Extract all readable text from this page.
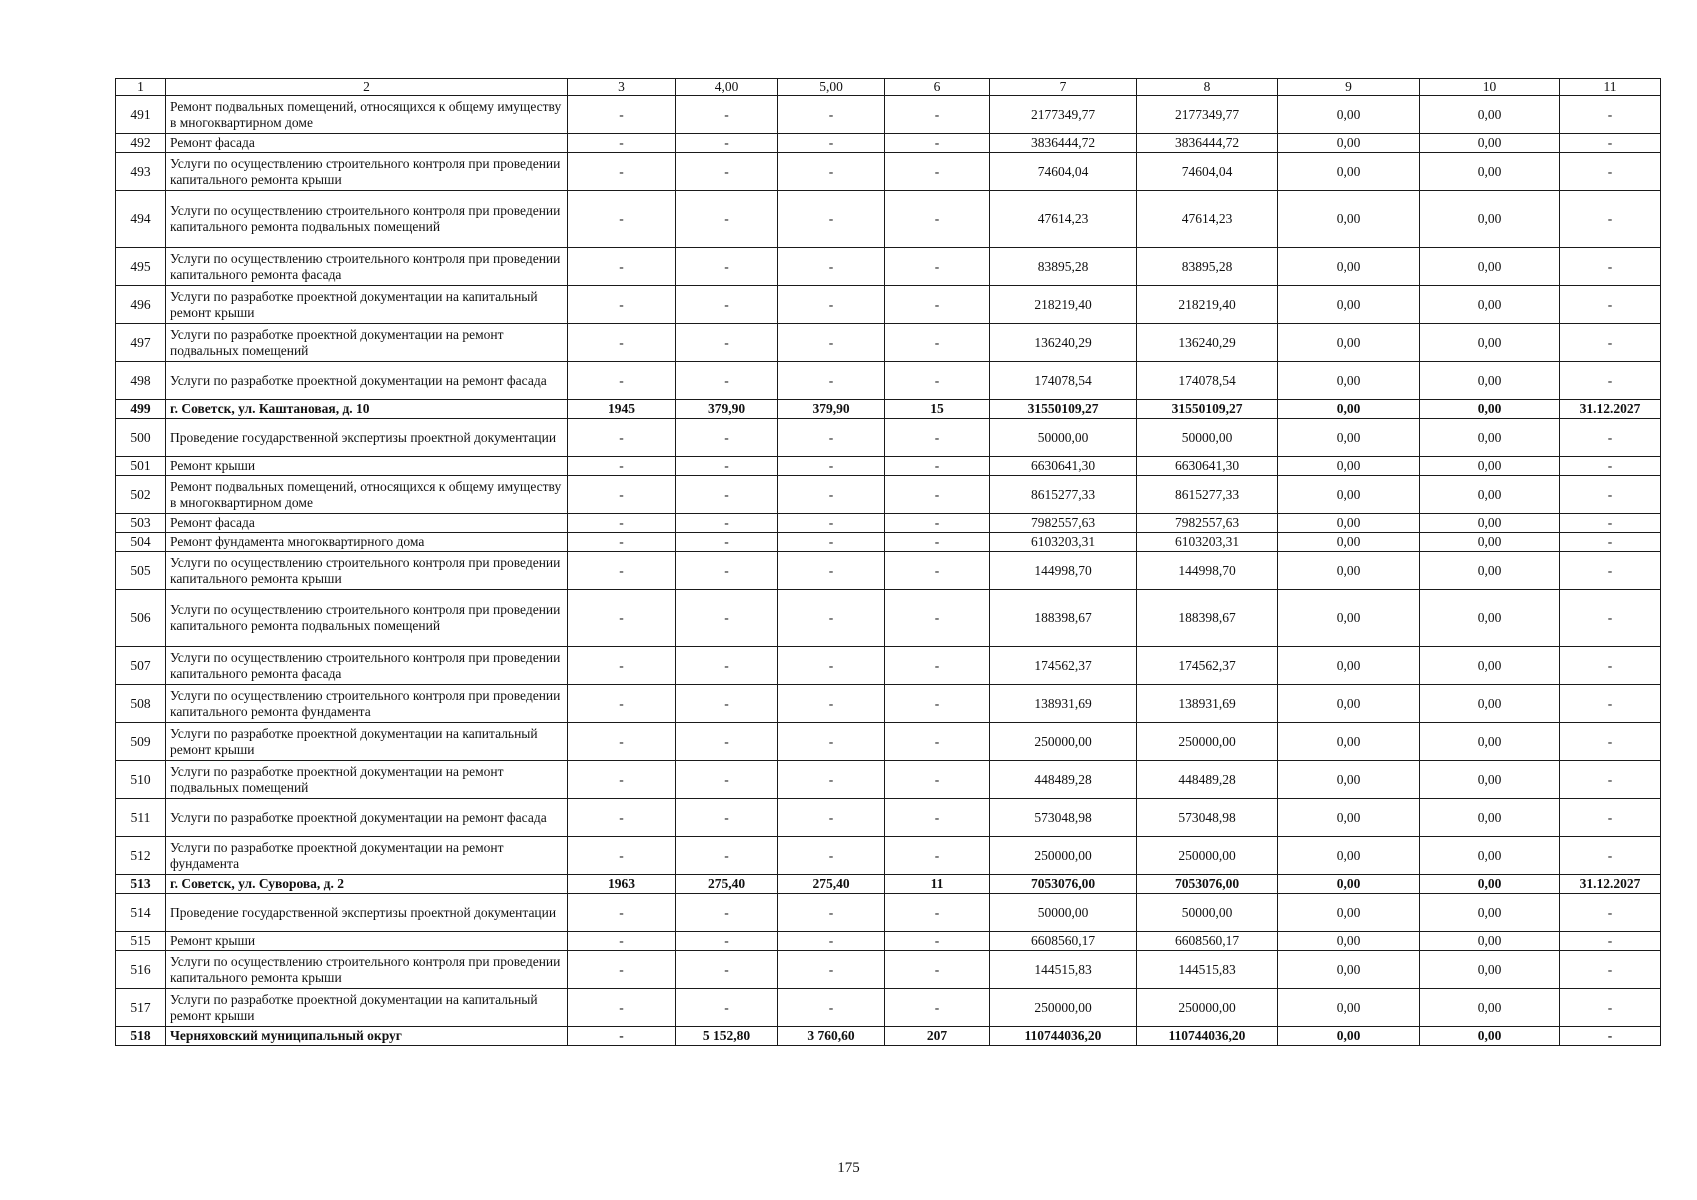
1	2	3	4,00	5,00	6	7	8	9	10	11
491	Ремонт подвальных помещений, относящихся к общему имуществу в многоквартирном доме	-	-	-	-	2177349,77	2177349,77	0,00	0,00	-
492	Ремонт фасада	-	-	-	-	3836444,72	3836444,72	0,00	0,00	-
493	Услуги по осуществлению строительного контроля при проведении капитального ремонта крыши	-	-	-	-	74604,04	74604,04	0,00	0,00	-
494	Услуги по осуществлению строительного контроля при проведении капитального ремонта подвальных помещений	-	-	-	-	47614,23	47614,23	0,00	0,00	-
495	Услуги по осуществлению строительного контроля при проведении капитального ремонта фасада	-	-	-	-	83895,28	83895,28	0,00	0,00	-
496	Услуги по разработке проектной документации на капитальный ремонт крыши	-	-	-	-	218219,40	218219,40	0,00	0,00	-
497	Услуги по разработке проектной документации на ремонт подвальных помещений	-	-	-	-	136240,29	136240,29	0,00	0,00	-
498	Услуги по разработке проектной документации на ремонт фасада	-	-	-	-	174078,54	174078,54	0,00	0,00	-
499	г. Советск, ул. Каштановая, д. 10	1945	379,90	379,90	15	31550109,27	31550109,27	0,00	0,00	31.12.2027
500	Проведение государственной экспертизы проектной документации	-	-	-	-	50000,00	50000,00	0,00	0,00	-
501	Ремонт крыши	-	-	-	-	6630641,30	6630641,30	0,00	0,00	-
502	Ремонт подвальных помещений, относящихся к общему имуществу в многоквартирном доме	-	-	-	-	8615277,33	8615277,33	0,00	0,00	-
503	Ремонт фасада	-	-	-	-	7982557,63	7982557,63	0,00	0,00	-
504	Ремонт фундамента многоквартирного дома	-	-	-	-	6103203,31	6103203,31	0,00	0,00	-
505	Услуги по осуществлению строительного контроля при проведении капитального ремонта крыши	-	-	-	-	144998,70	144998,70	0,00	0,00	-
506	Услуги по осуществлению строительного контроля при проведении капитального ремонта подвальных помещений	-	-	-	-	188398,67	188398,67	0,00	0,00	-
507	Услуги по осуществлению строительного контроля при проведении капитального ремонта фасада	-	-	-	-	174562,37	174562,37	0,00	0,00	-
508	Услуги по осуществлению строительного контроля при проведении капитального ремонта фундамента	-	-	-	-	138931,69	138931,69	0,00	0,00	-
509	Услуги по разработке проектной документации на капитальный ремонт крыши	-	-	-	-	250000,00	250000,00	0,00	0,00	-
510	Услуги по разработке проектной документации на ремонт подвальных помещений	-	-	-	-	448489,28	448489,28	0,00	0,00	-
511	Услуги по разработке проектной документации на ремонт фасада	-	-	-	-	573048,98	573048,98	0,00	0,00	-
512	Услуги по разработке проектной документации на ремонт фундамента	-	-	-	-	250000,00	250000,00	0,00	0,00	-
513	г. Советск, ул. Суворова, д. 2	1963	275,40	275,40	11	7053076,00	7053076,00	0,00	0,00	31.12.2027
514	Проведение государственной экспертизы проектной документации	-	-	-	-	50000,00	50000,00	0,00	0,00	-
515	Ремонт крыши	-	-	-	-	6608560,17	6608560,17	0,00	0,00	-
516	Услуги по осуществлению строительного контроля при проведении капитального ремонта крыши	-	-	-	-	144515,83	144515,83	0,00	0,00	-
517	Услуги по разработке проектной документации на капитальный ремонт крыши	-	-	-	-	250000,00	250000,00	0,00	0,00	-
518	Черняховский муниципальный округ	-	5 152,80	3 760,60	207	110744036,20	110744036,20	0,00	0,00	-
175
